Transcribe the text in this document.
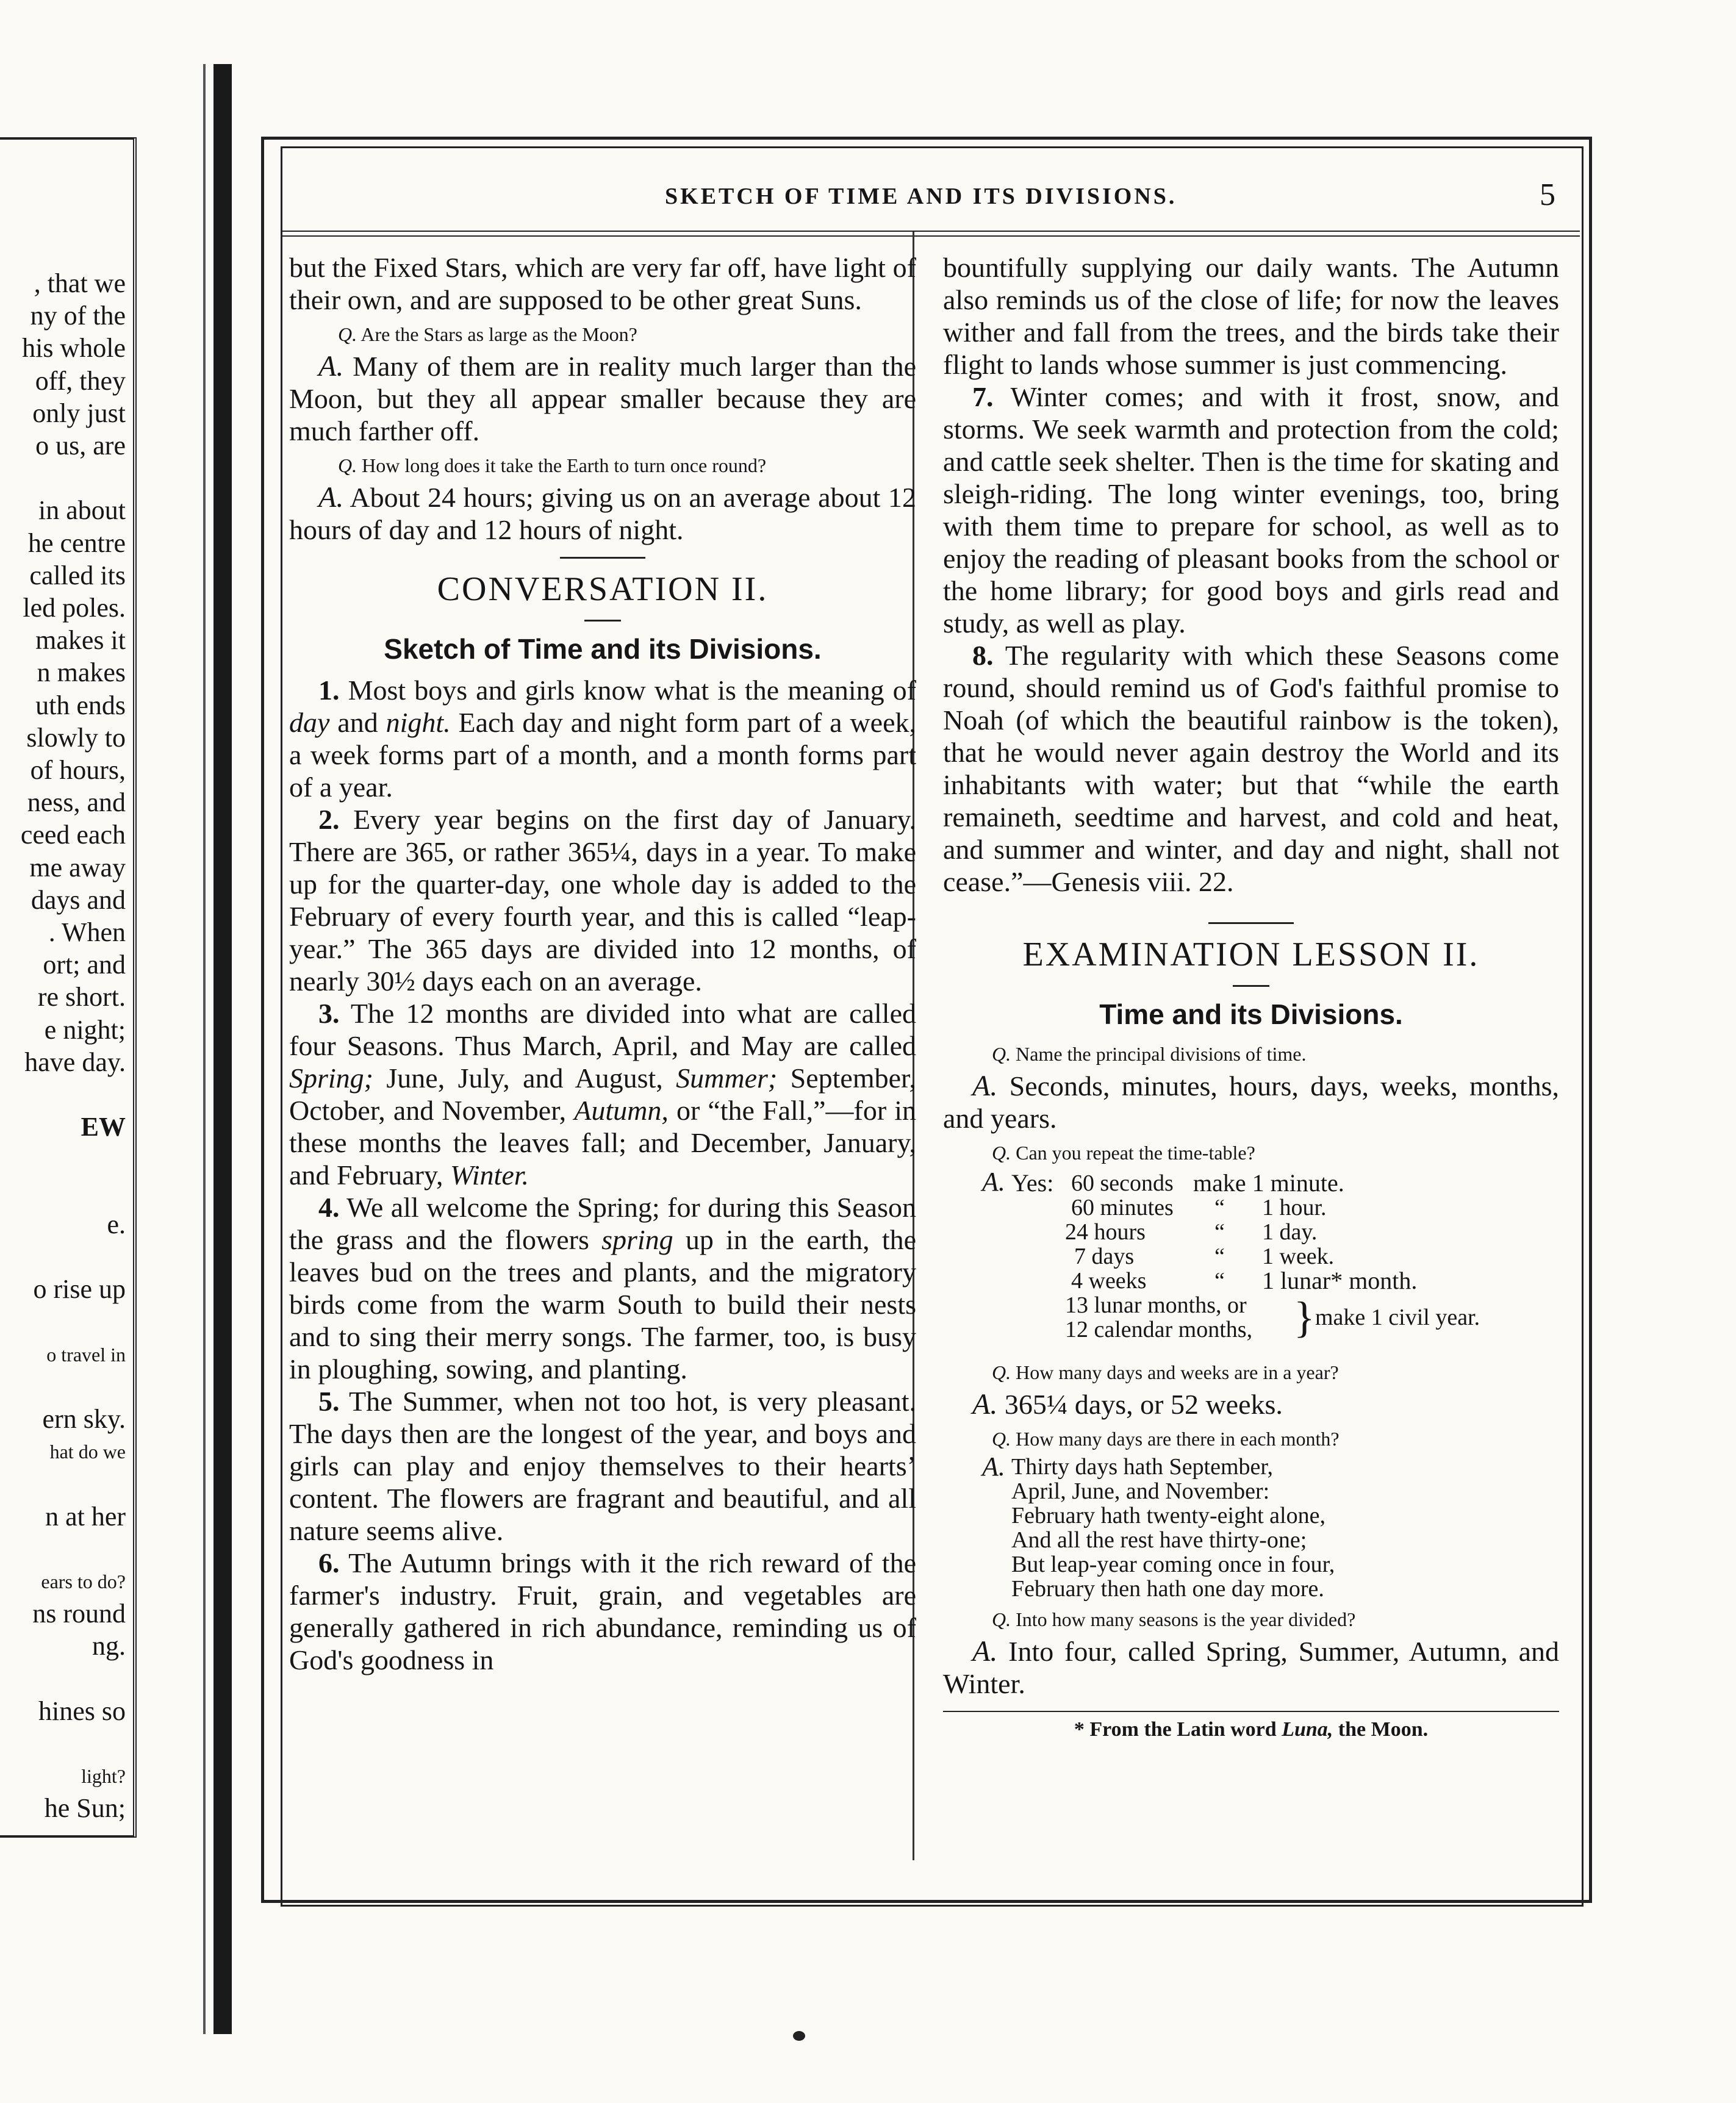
, that we
ny of the
his whole
off, they
only just
o us, are
in about
he centre
called its
led poles.
makes it
n makes
uth ends
slowly to
of hours,
ness, and
ceed each
me away
days and
. When
ort; and
re short.
e night;
have day.
EW
e.
o rise up
o travel in
ern sky.
hat do we
n at her
ears to do?
ns round
ng.
hines so
light?
he Sun;
SKETCH OF TIME AND ITS DIVISIONS.	5

but the Fixed Stars, which are very far off, have light of their own, and are supposed to be other great Suns.

Q. Are the Stars as large as the Moon?

A. Many of them are in reality much larger than the Moon, but they all appear smaller because they are much farther off.

Q. How long does it take the Earth to turn once round?

A. About 24 hours; giving us on an average about 12 hours of day and 12 hours of night.

CONVERSATION II.
Sketch of Time and its Divisions.

1. Most boys and girls know what is the meaning of day and night. Each day and night form part of a week, a week forms part of a month, and a month forms part of a year.

2. Every year begins on the first day of January. There are 365, or rather 365¼, days in a year. To make up for the quarter-day, one whole day is added to the February of every fourth year, and this is called “leap-year.” The 365 days are divided into 12 months, of nearly 30½ days each on an average.

3. The 12 months are divided into what are called four Seasons. Thus March, April, and May are called Spring; June, July, and August, Summer; September, October, and November, Autumn, or “the Fall,”—for in these months the leaves fall; and December, January, and February, Winter.

4. We all welcome the Spring; for during this Season the grass and the flowers spring up in the earth, the leaves bud on the trees and plants, and the migratory birds come from the warm South to build their nests and to sing their merry songs. The farmer, too, is busy in ploughing, sowing, and planting.

5. The Summer, when not too hot, is very pleasant. The days then are the longest of the year, and boys and girls can play and enjoy themselves to their hearts’ content. The flowers are fragrant and beautiful, and all nature seems alive.

6. The Autumn brings with it the rich reward of the farmer's industry. Fruit, grain, and vegetables are generally gathered in rich abundance, reminding us of God's goodness in

bountifully supplying our daily wants. The Autumn also reminds us of the close of life; for now the leaves wither and fall from the trees, and the birds take their flight to lands whose summer is just commencing.

7. Winter comes; and with it frost, snow, and storms. We seek warmth and protection from the cold; and cattle seek shelter. Then is the time for skating and sleigh-riding. The long winter evenings, too, bring with them time to prepare for school, as well as to enjoy the reading of pleasant books from the school or the home library; for good boys and girls read and study, as well as play.

8. The regularity with which these Seasons come round, should remind us of God's faithful promise to Noah (of which the beautiful rainbow is the token), that he would never again destroy the World and its inhabitants with water; but that “while the earth remaineth, seedtime and harvest, and cold and heat, and summer and winter, and day and night, shall not cease.”—Genesis viii. 22.

EXAMINATION LESSON II.
Time and its Divisions.
Q. Name the principal divisions of time.

A. Seconds, minutes, hours, days, weeks, months, and years.

Q. Can you repeat the time-table?
A. Yes: 60 seconds make 1 minute.
60 minutes “ 1 hour.
24 hours	“ 1 day.
7 days	“ 1 week.
4 weeks	“ 1 lunar* month.
13 lunar months, or
12 calendar months, } make 1 civil year.
Q. How many days and weeks are in a year?

A. 365¼ days, or 52 weeks.

Q. How many days are there in each month?
A. Thirty days hath September,
April, June, and November:
February hath twenty-eight alone,
And all the rest have thirty-one;
But leap-year coming once in four,
February then hath one day more.
Q. Into how many seasons is the year divided?

A. Into four, called Spring, Summer, Autumn, and Winter.

* From the Latin word Luna, the Moon.
